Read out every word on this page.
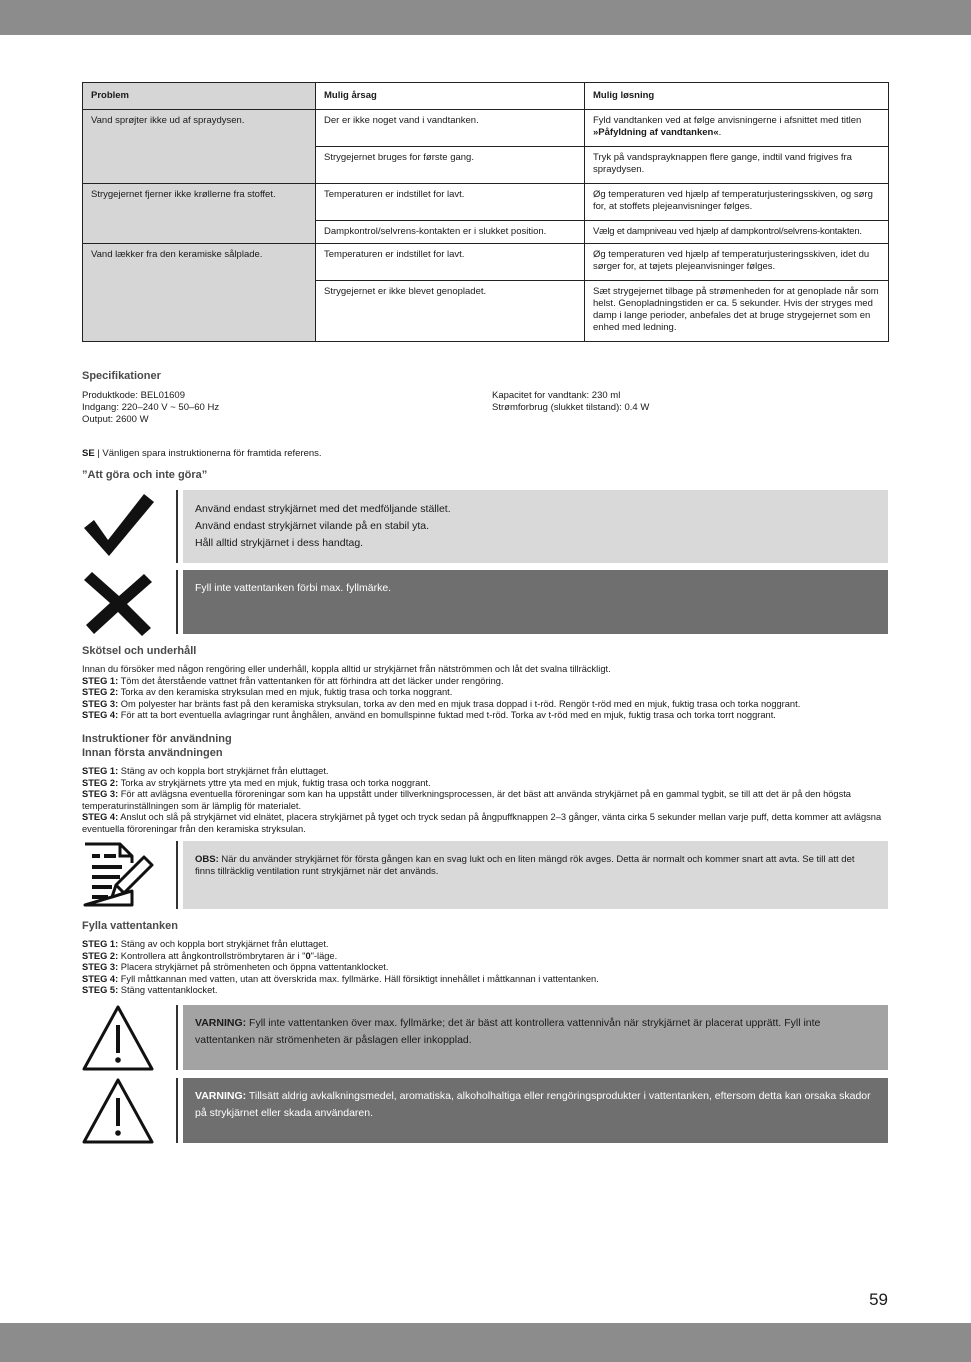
Problem	Mulig årsag	Mulig løsning
Vand sprøjter ikke ud af spraydysen.	Der er ikke noget vand i vandtanken.	Fyld vandtanken ved at følge anvisningerne i afsnittet med titlen »Påfyldning af vandtanken«.
	Strygejernet bruges for første gang.	Tryk på vandsprayknappen flere gange, indtil vand frigives fra spraydysen.
Strygejernet fjerner ikke krøllerne fra stoffet.	Temperaturen er indstillet for lavt.	Øg temperaturen ved hjælp af temperaturjusteringsskiven, og sørg for, at stoffets plejeanvisninger følges.
	Dampkontrol/selvrens-kontakten er i slukket position.	Vælg et dampniveau ved hjælp af dampkontrol/selvrens-kontakten.
Vand lækker fra den keramiske sålplade.	Temperaturen er indstillet for lavt.	Øg temperaturen ved hjælp af temperaturjusteringsskiven, idet du sørger for, at tøjets plejeanvisninger følges.
	Strygejernet er ikke blevet genopladet.	Sæt strygejernet tilbage på strømenheden for at genoplade når som helst. Genopladningstiden er ca. 5 sekunder. Hvis der stryges med damp i lange perioder, anbefales det at bruge strygejernet som en enhed med ledning.
Specifikationer
Produktkode: BEL01609
Indgang: 220–240 V ~ 50–60 Hz
Output: 2600 W
Kapacitet for vandtank: 230 ml
Strømforbrug (slukket tilstand): 0.4 W
SE | Vänligen spara instruktionerna för framtida referens.
”Att göra och inte göra”
Använd endast strykjärnet med det medföljande stället.
Använd endast strykjärnet vilande på en stabil yta.
Håll alltid strykjärnet i dess handtag.
Fyll inte vattentanken förbi max. fyllmärke.
Skötsel och underhåll
Innan du försöker med någon rengöring eller underhåll, koppla alltid ur strykjärnet från nätströmmen och låt det svalna tillräckligt.
STEG 1: Töm det återstående vattnet från vattentanken för att förhindra att det läcker under rengöring.
STEG 2: Torka av den keramiska stryksulan med en mjuk, fuktig trasa och torka noggrant.
STEG 3: Om polyester har bränts fast på den keramiska stryksulan, torka av den med en mjuk trasa doppad i t-röd. Rengör t-röd med en mjuk, fuktig trasa och torka noggrant.
STEG 4: För att ta bort eventuella avlagringar runt ånghålen, använd en bomullspinne fuktad med t-röd. Torka av t-röd med en mjuk, fuktig trasa och torka torrt noggrant.
Instruktioner för användning
Innan första användningen
STEG 1: Stäng av och koppla bort strykjärnet från eluttaget.
STEG 2: Torka av strykjärnets yttre yta med en mjuk, fuktig trasa och torka noggrant.
STEG 3: För att avlägsna eventuella föroreningar som kan ha uppstått under tillverkningsprocessen, är det bäst att använda strykjärnet på en gammal tygbit, se till att det är på den högsta temperaturinställningen som är lämplig för materialet.
STEG 4: Anslut och slå på strykjärnet vid elnätet, placera strykjärnet på tyget och tryck sedan på ångpuffknappen 2–3 gånger, vänta cirka 5 sekunder mellan varje puff, detta kommer att avlägsna eventuella föroreningar från den keramiska stryksulan.
OBS: När du använder strykjärnet för första gången kan en svag lukt och en liten mängd rök avges. Detta är normalt och kommer snart att avta. Se till att det finns tillräcklig ventilation runt strykjärnet när det används.
Fylla vattentanken
STEG 1: Stäng av och koppla bort strykjärnet från eluttaget.
STEG 2: Kontrollera att ångkontrollströmbrytaren är i "0"-läge.
STEG 3: Placera strykjärnet på strömenheten och öppna vattentanklocket.
STEG 4: Fyll måttkannan med vatten, utan att överskrida max. fyllmärke. Häll försiktigt innehållet i måttkannan i vattentanken.
STEG 5: Stäng vattentanklocket.
VARNING: Fyll inte vattentanken över max. fyllmärke; det är bäst att kontrollera vattennivån när strykjärnet är placerat upprätt. Fyll inte vattentanken när strömenheten är påslagen eller inkopplad.
VARNING: Tillsätt aldrig avkalkningsmedel, aromatiska, alkoholhaltiga eller rengöringsprodukter i vattentanken, eftersom detta kan orsaka skador på strykjärnet eller skada användaren.
59
